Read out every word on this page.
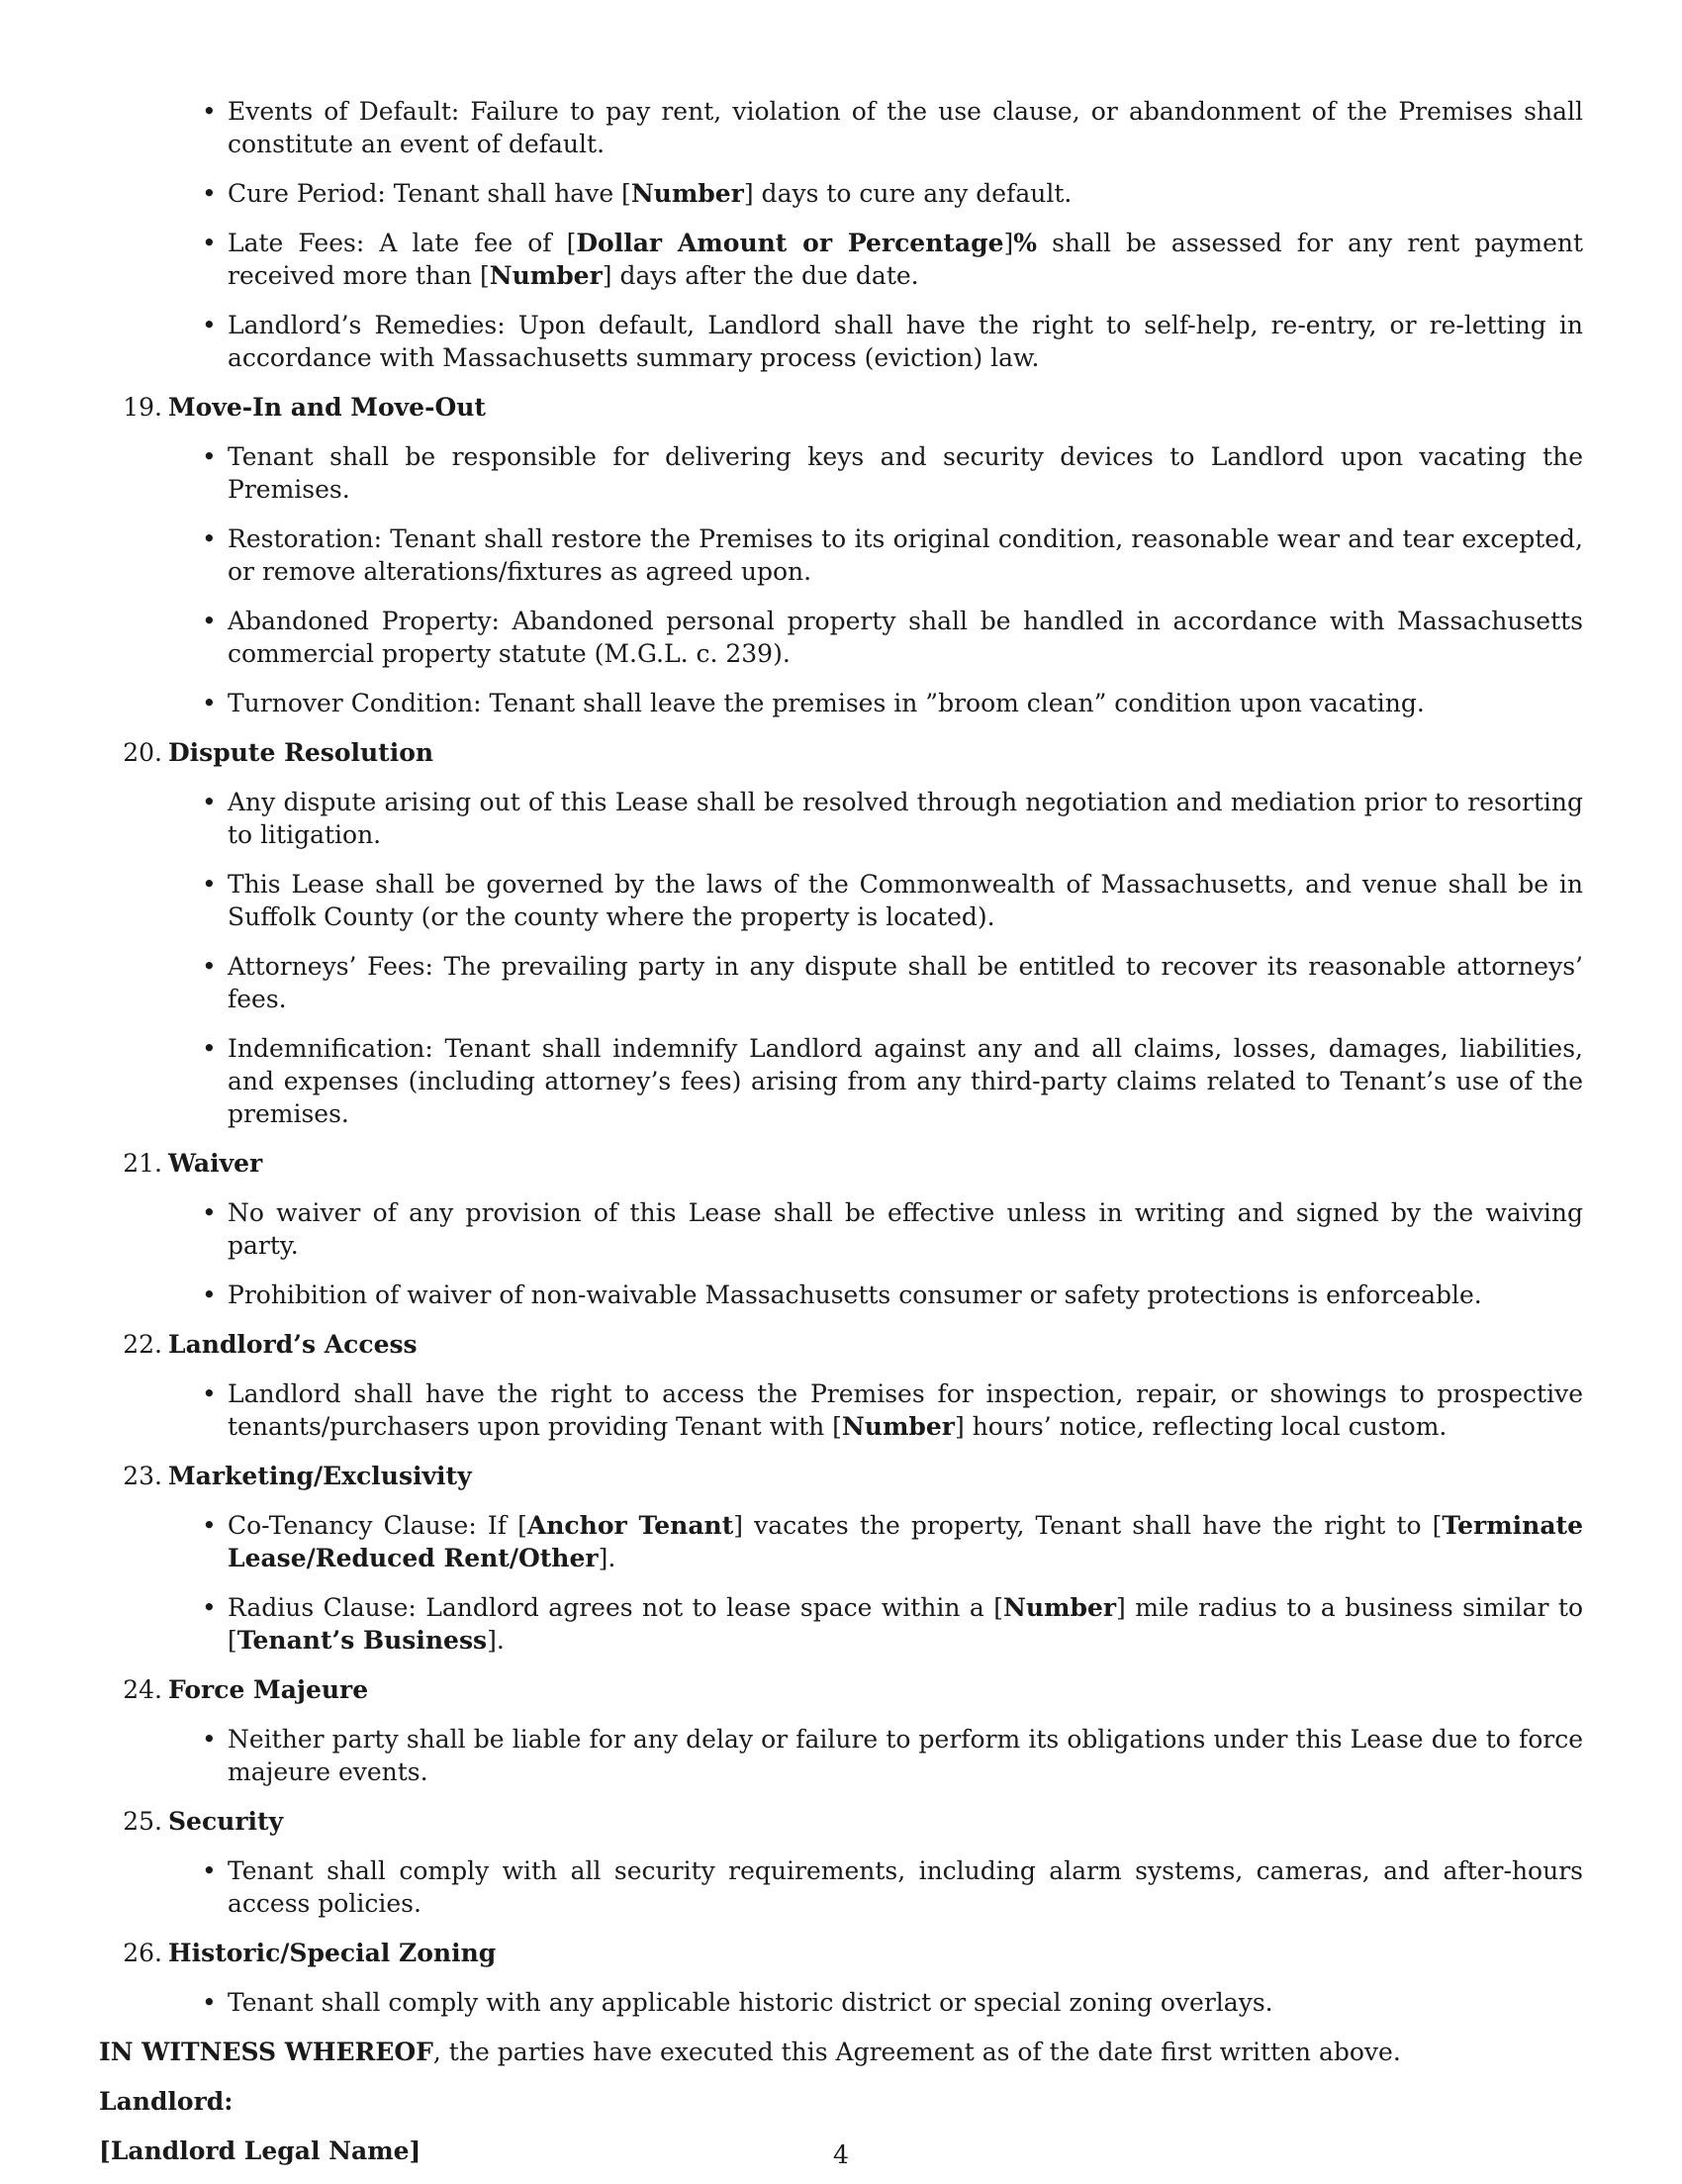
• Events of Default: Failure to pay rent, violation of the use clause, or abandonment of the Premises shall constitute an event of default.
• Cure Period: Tenant shall have [Number] days to cure any default.
• Late Fees: A late fee of [Dollar Amount or Percentage]% shall be assessed for any rent payment received more than [Number] days after the due date.
• Landlord’s Remedies: Upon default, Landlord shall have the right to self-help, re-entry, or re-letting in accordance with Massachusetts summary process (eviction) law.
19. Move-In and Move-Out
• Tenant shall be responsible for delivering keys and security devices to Landlord upon vacating the Premises.
• Restoration: Tenant shall restore the Premises to its original condition, reasonable wear and tear excepted, or remove alterations/fixtures as agreed upon.
• Abandoned Property: Abandoned personal property shall be handled in accordance with Massachusetts commercial property statute (M.G.L. c. 239).
• Turnover Condition: Tenant shall leave the premises in ”broom clean” condition upon vacating.
20. Dispute Resolution
• Any dispute arising out of this Lease shall be resolved through negotiation and mediation prior to resorting to litigation.
• This Lease shall be governed by the laws of the Commonwealth of Massachusetts, and venue shall be in Suffolk County (or the county where the property is located).
• Attorneys’ Fees: The prevailing party in any dispute shall be entitled to recover its reasonable attorneys’ fees.
• Indemnification: Tenant shall indemnify Landlord against any and all claims, losses, damages, liabilities, and expenses (including attorney’s fees) arising from any third-party claims related to Tenant’s use of the premises.
21. Waiver
• No waiver of any provision of this Lease shall be effective unless in writing and signed by the waiving party.
• Prohibition of waiver of non-waivable Massachusetts consumer or safety protections is enforceable.
22. Landlord’s Access
• Landlord shall have the right to access the Premises for inspection, repair, or showings to prospective tenants/purchasers upon providing Tenant with [Number] hours’ notice, reflecting local custom.
23. Marketing/Exclusivity
• Co-Tenancy Clause: If [Anchor Tenant] vacates the property, Tenant shall have the right to [Terminate Lease/Reduced Rent/Other].
• Radius Clause: Landlord agrees not to lease space within a [Number] mile radius to a business similar to [Tenant’s Business].
24. Force Majeure
• Neither party shall be liable for any delay or failure to perform its obligations under this Lease due to force majeure events.
25. Security
• Tenant shall comply with all security requirements, including alarm systems, cameras, and after-hours access policies.
26. Historic/Special Zoning
• Tenant shall comply with any applicable historic district or special zoning overlays.

IN WITNESS WHEREOF, the parties have executed this Agreement as of the date first written above.

Landlord:

[Landlord Legal Name]	4
